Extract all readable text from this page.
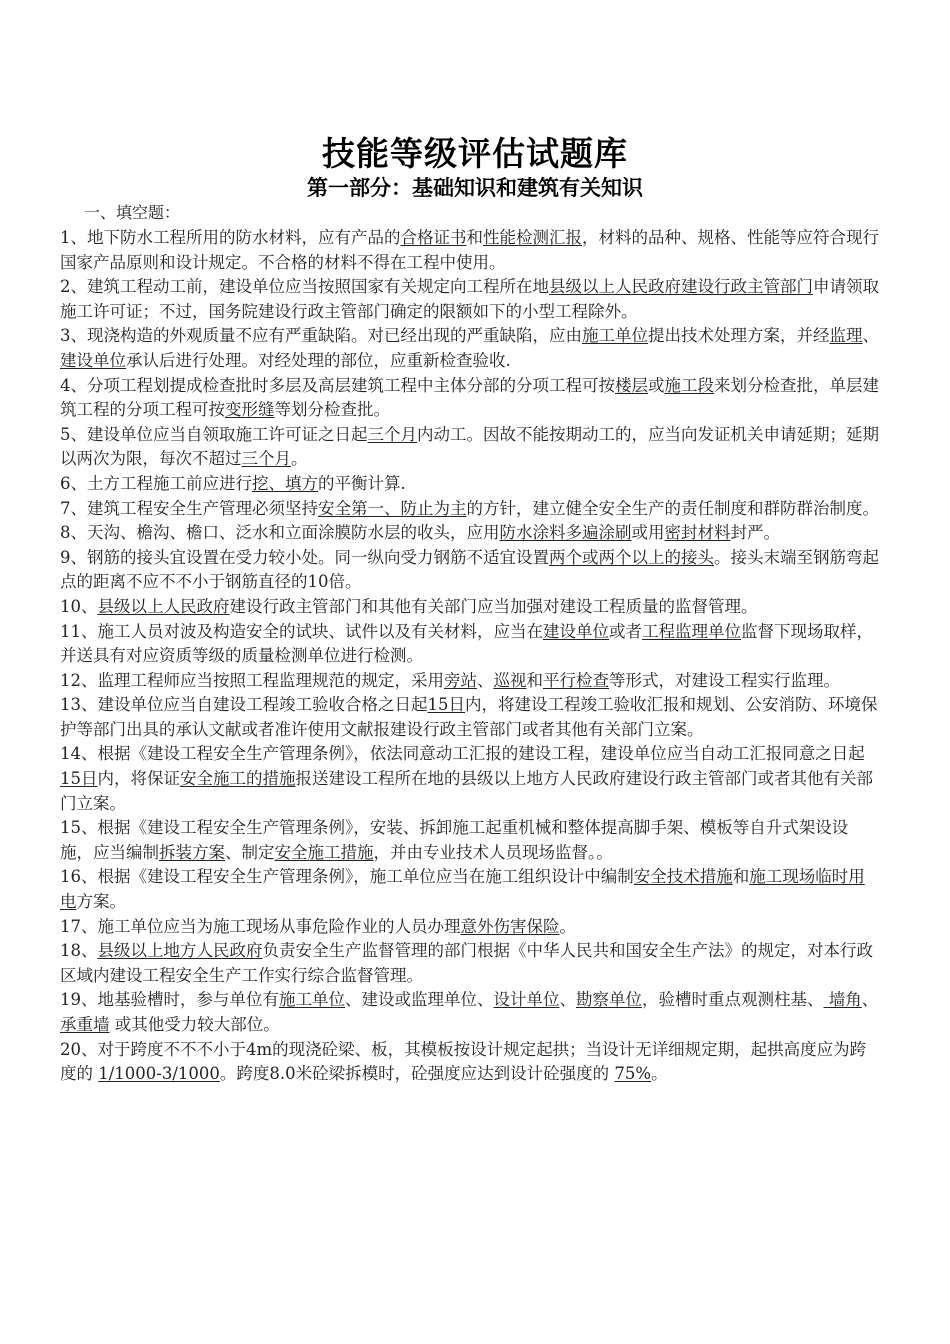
技能等级评估试题库
第一部分：基础知识和建筑有关知识
一、填空题：

1、地下防水工程所用的防水材料，应有产品的合格证书和性能检测汇报，材料的品种、规格、性能等应符合现行国家产品原则和设计规定。不合格的材料不得在工程中使用。

2、建筑工程动工前，建设单位应当按照国家有关规定向工程所在地县级以上人民政府建设行政主管部门申请领取施工许可证；不过，国务院建设行政主管部门确定的限额如下的小型工程除外。

3、现浇构造的外观质量不应有严重缺陷。对已经出现的严重缺陷，应由施工单位提出技术处理方案，并经监理、建设单位承认后进行处理。对经处理的部位，应重新检查验收.

4、分项工程划提成检查批时多层及高层建筑工程中主体分部的分项工程可按楼层或施工段来划分检查批，单层建筑工程的分项工程可按变形缝等划分检查批。

5、建设单位应当自领取施工许可证之日起三个月内动工。因故不能按期动工的，应当向发证机关申请延期；延期以两次为限，每次不超过三个月。

6、土方工程施工前应进行挖、填方的平衡计算.

7、建筑工程安全生产管理必须坚持安全第一、防止为主的方针，建立健全安全生产的责任制度和群防群治制度。

8、天沟、檐沟、檐口、泛水和立面涂膜防水层的收头，应用防水涂料多遍涂刷或用密封材料封严。

9、钢筋的接头宜设置在受力较小处。同一纵向受力钢筋不适宜设置两个或两个以上的接头。接头末端至钢筋弯起点的距离不应不不小于钢筋直径的10倍。

10、县级以上人民政府建设行政主管部门和其他有关部门应当加强对建设工程质量的监督管理。

11、施工人员对波及构造安全的试块、试件以及有关材料，应当在建设单位或者工程监理单位监督下现场取样，并送具有对应资质等级的质量检测单位进行检测。

12、监理工程师应当按照工程监理规范的规定，采用旁站、巡视和平行检查等形式，对建设工程实行监理。

13、建设单位应当自建设工程竣工验收合格之日起15日内，将建设工程竣工验收汇报和规划、公安消防、环境保护等部门出具的承认文献或者准许使用文献报建设行政主管部门或者其他有关部门立案。

14、根据《建设工程安全生产管理条例》，依法同意动工汇报的建设工程，建设单位应当自动工汇报同意之日起15日内，将保证安全施工的措施报送建设工程所在地的县级以上地方人民政府建设行政主管部门或者其他有关部门立案。

15、根据《建设工程安全生产管理条例》，安装、拆卸施工起重机械和整体提高脚手架、模板等自升式架设设施，应当编制拆装方案、制定安全施工措施，并由专业技术人员现场监督。。

16、根据《建设工程安全生产管理条例》，施工单位应当在施工组织设计中编制安全技术措施和施工现场临时用电方案。

17、施工单位应当为施工现场从事危险作业的人员办理意外伤害保险。

18、县级以上地方人民政府负责安全生产监督管理的部门根据《中华人民共和国安全生产法》的规定，对本行政区域内建设工程安全生产工作实行综合监督管理。

19、地基验槽时，参与单位有施工单位、建设或监理单位、设计单位、勘察单位，验槽时重点观测柱基、 墙角、 承重墙 或其他受力较大部位。

20、对于跨度不不不小于4m的现浇砼梁、板，其模板按设计规定起拱；当设计无详细规定期，起拱高度应为跨度的 1/1000-3/1000。跨度8.0米砼梁拆模时，砼强度应达到设计砼强度的 75%。
